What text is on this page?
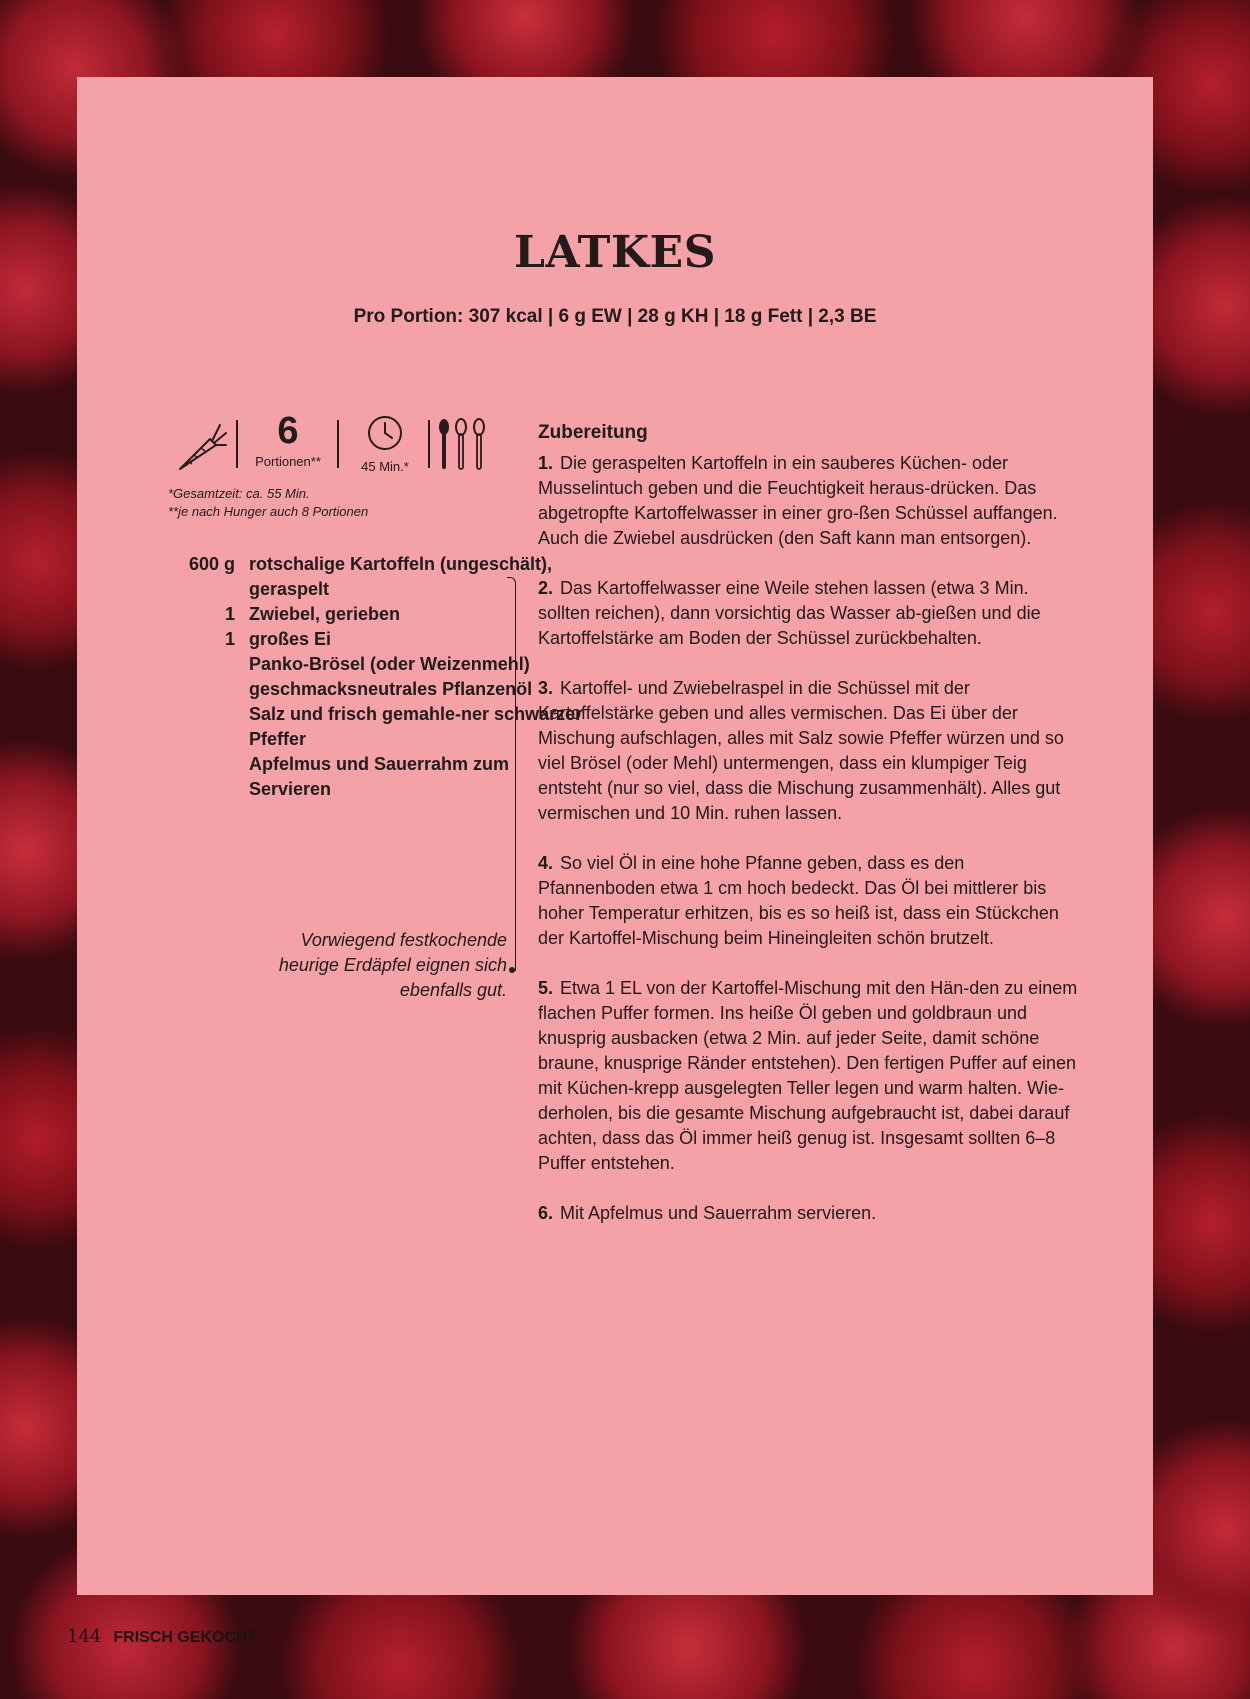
LATKES

Pro Portion: 307 kcal | 6 g EW | 28 g KH | 18 g Fett | 2,3 BE

6
Portionen**	45 Min.*
*Gesamtzeit: ca. 55 Min.
**je nach Hunger auch 8 Portionen
600 g rotschalige Kartoffeln (ungeschält), geraspelt
1 Zwiebel, gerieben
1 großes Ei
Panko-Brösel (oder Weizenmehl)
geschmacksneutrales Pflanzenöl
Salz und frisch gemahle-ner schwarzer Pfeffer
Apfelmus und Sauerrahm zum Servieren
Vorwiegend festkochende heurige Erdäpfel eignen sich ebenfalls gut.

Zubereitung

1. Die geraspelten Kartoffeln in ein sauberes Küchen- oder Musselintuch geben und die Feuchtigkeit heraus-drücken. Das abgetropfte Kartoffelwasser in einer gro-ßen Schüssel auffangen. Auch die Zwiebel ausdrücken (den Saft kann man entsorgen).

2. Das Kartoffelwasser eine Weile stehen lassen (etwa 3 Min. sollten reichen), dann vorsichtig das Wasser ab-gießen und die Kartoffelstärke am Boden der Schüssel zurückbehalten.

3. Kartoffel- und Zwiebelraspel in die Schüssel mit der Kartoffelstärke geben und alles vermischen. Das Ei über der Mischung aufschlagen, alles mit Salz sowie Pfeffer würzen und so viel Brösel (oder Mehl) untermengen, dass ein klumpiger Teig entsteht (nur so viel, dass die Mischung zusammenhält). Alles gut vermischen und 10 Min. ruhen lassen.

4. So viel Öl in eine hohe Pfanne geben, dass es den Pfannenboden etwa 1 cm hoch bedeckt. Das Öl bei mittlerer bis hoher Temperatur erhitzen, bis es so heiß ist, dass ein Stückchen der Kartoffel-Mischung beim Hineingleiten schön brutzelt.

5. Etwa 1 EL von der Kartoffel-Mischung mit den Hän-den zu einem flachen Puffer formen. Ins heiße Öl geben und goldbraun und knusprig ausbacken (etwa 2 Min. auf jeder Seite, damit schöne braune, knusprige Ränder entstehen). Den fertigen Puffer auf einen mit Küchen-krepp ausgelegten Teller legen und warm halten. Wie-derholen, bis die gesamte Mischung aufgebraucht ist, dabei darauf achten, dass das Öl immer heiß genug ist. Insgesamt sollten 6–8 Puffer entstehen.

6. Mit Apfelmus und Sauerrahm servieren.

144 FRISCH GEKOCHT
